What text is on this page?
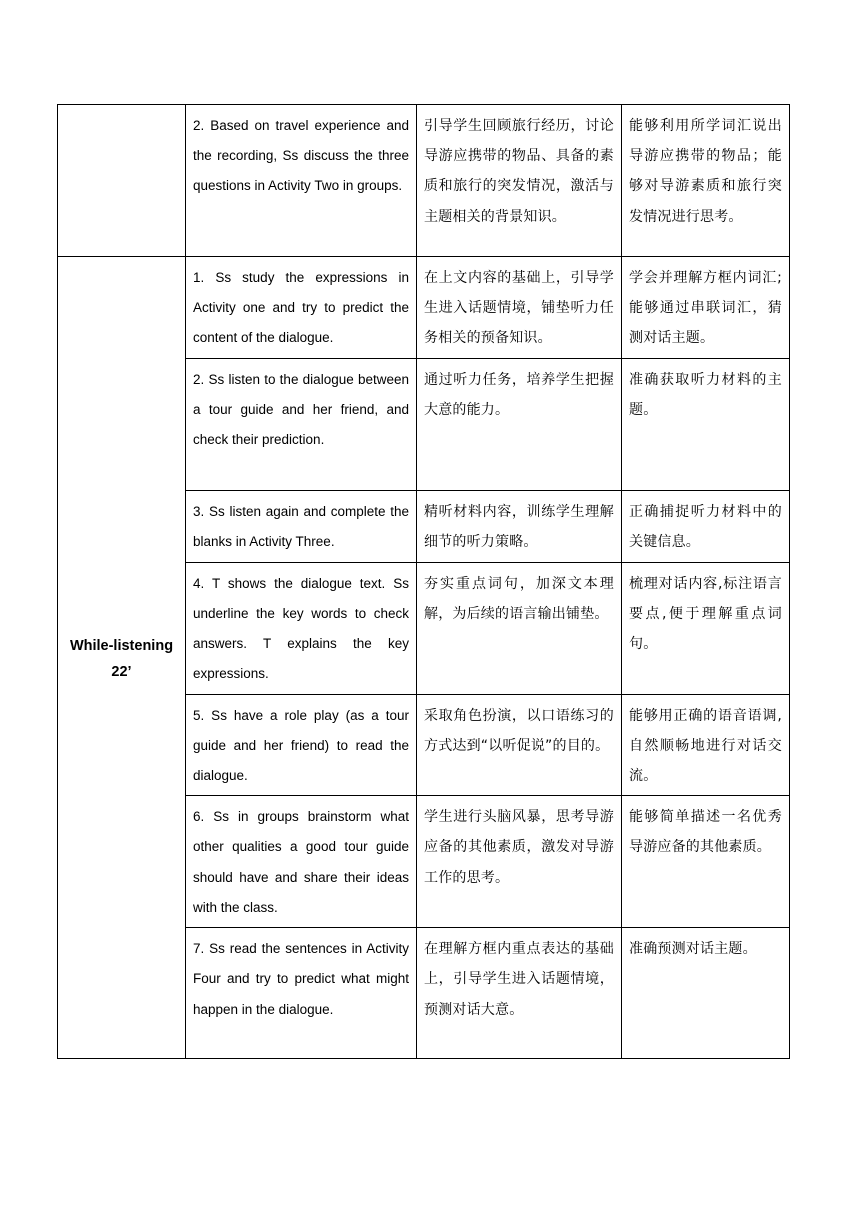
	2. Based on travel experience and the recording, Ss discuss the three questions in Activity Two in groups.	引导学生回顾旅行经历，讨论导游应携带的物品、具备的素质和旅行的突发情况，激活与主题相关的背景知识。	能够利用所学词汇说出导游应携带的物品；能够对导游素质和旅行突发情况进行思考。

While-listening
22’	1. Ss study the expressions in Activity one and try to predict the content of the dialogue.	在上文内容的基础上，引导学生进入话题情境，铺垫听力任务相关的预备知识。	学会并理解方框内词汇;能够通过串联词汇，猜测对话主题。
	2. Ss listen to the dialogue between a tour guide and her friend, and check their prediction.	通过听力任务，培养学生把握大意的能力。	准确获取听力材料的主题。
	3. Ss listen again and complete the blanks in Activity Three.	精听材料内容，训练学生理解细节的听力策略。	正确捕捉听力材料中的关键信息。
	4. T shows the dialogue text. Ss underline the key words to check answers. T explains the key expressions.	夯实重点词句，加深文本理解，为后续的语言输出铺垫。	梳理对话内容,标注语言要点,便于理解重点词句。
	5. Ss have a role play (as a tour guide and her friend) to read the dialogue.	采取角色扮演，以口语练习的方式达到“以听促说”的目的。	能够用正确的语音语调,自然顺畅地进行对话交流。
	6. Ss in groups brainstorm what other qualities a good tour guide should have and share their ideas with the class.	学生进行头脑风暴，思考导游应备的其他素质，激发对导游工作的思考。	能够简单描述一名优秀导游应备的其他素质。
	7. Ss read the sentences in Activity Four and try to predict what might happen in the dialogue.	在理解方框内重点表达的基础上，引导学生进入话题情境，预测对话大意。	准确预测对话主题。
